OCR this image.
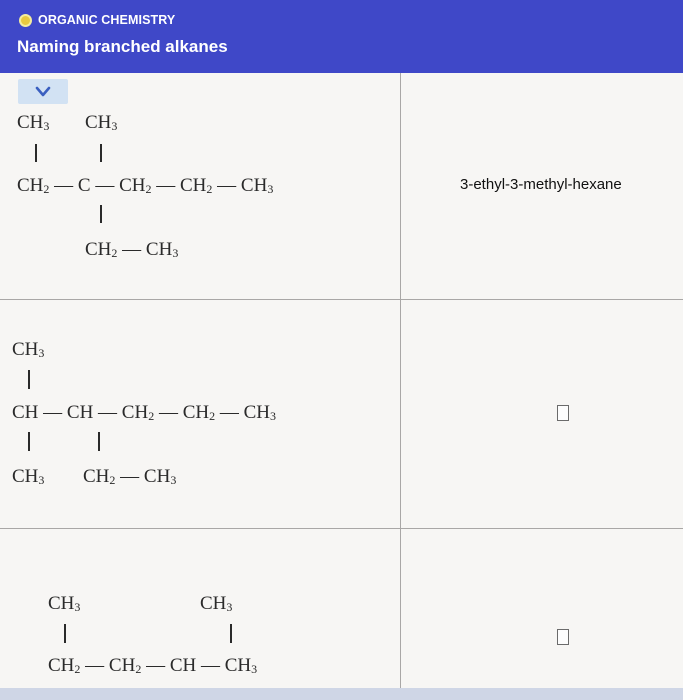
ORGANIC CHEMISTRY
Naming branched alkanes
$CH_3$ $CH_3$
$CH_2$ — C — $CH_2$ — $CH_2$ — $CH_3$
$CH_2$ — $CH_3$
3-ethyl-3-methyl-hexane
$CH_3$
CH — CH — $CH_2$ — $CH_2$ — $CH_3$
$CH_3$ $CH_2$ — $CH_3$
$CH_3$	$CH_3$
$CH_2$ — $CH_2$ — CH — $CH_3$
